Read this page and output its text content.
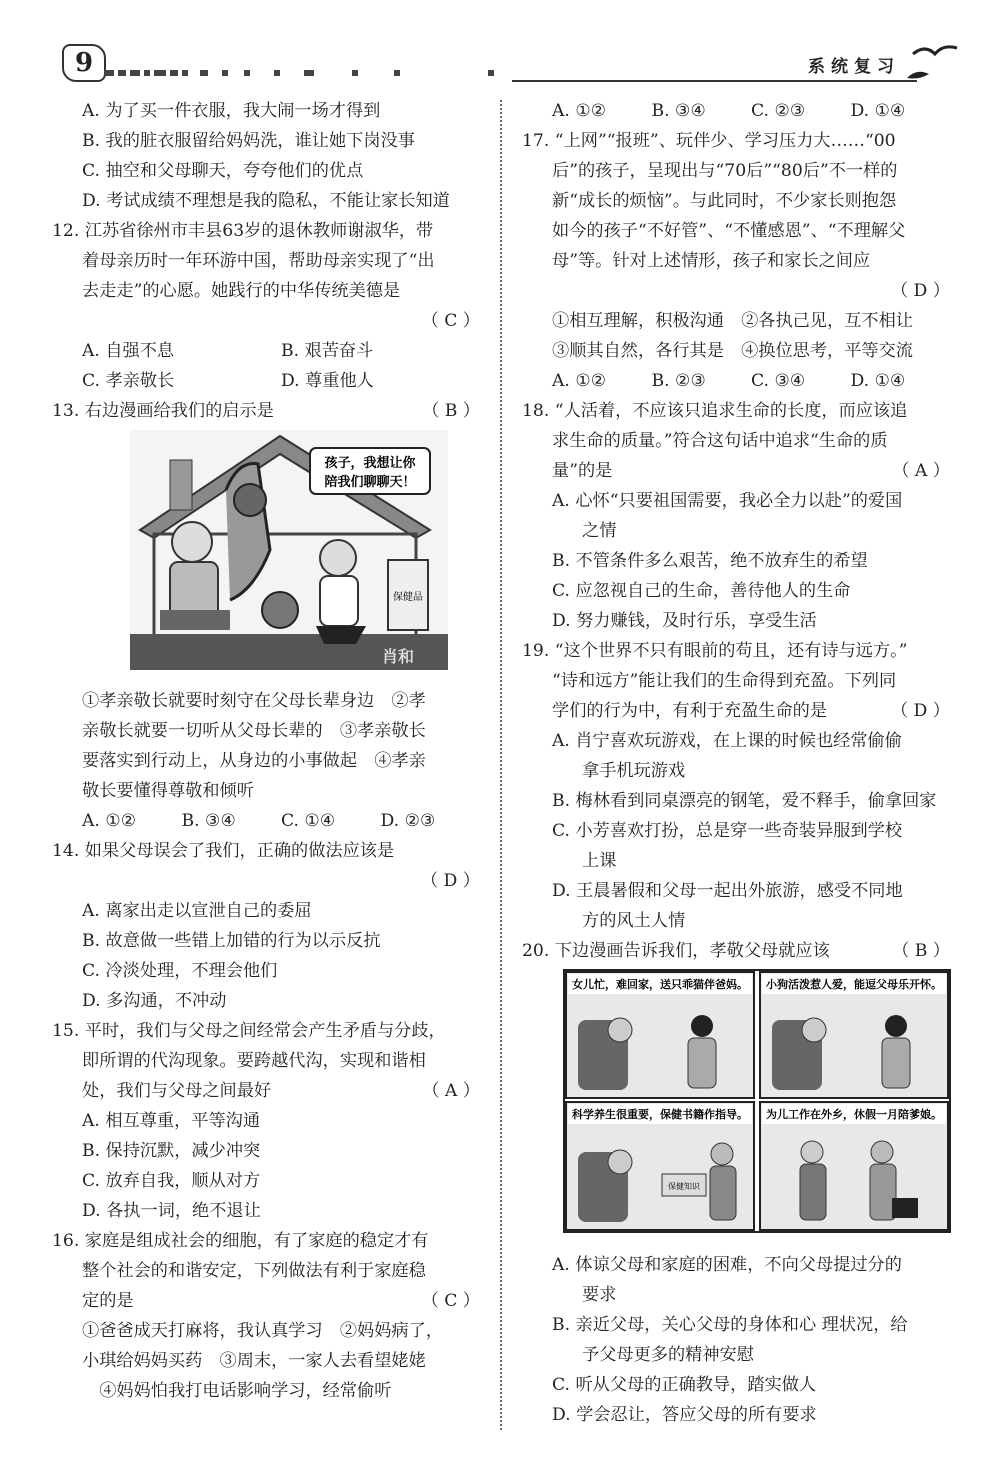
9	系统复习
A. 为了买一件衣服，我大闹一场才得到
B. 我的脏衣服留给妈妈洗，谁让她下岗没事
C. 抽空和父母聊天，夸夸他们的优点
D. 考试成绩不理想是我的隐私，不能让家长知道
12. 江苏省徐州市丰县63岁的退休教师谢淑华，带
着母亲历时一年环游中国，帮助母亲实现了“出
去走走”的心愿。她践行的中华传统美德是
（ C ）
A. 自强不息	B. 艰苦奋斗
C. 孝亲敬长	D. 尊重他人
13. 右边漫画给我们的启示是	（ B ）
孩子，我想让你
陪我们聊聊天！
保健品
肖和
①孝亲敬长就要时刻守在父母长辈身边　②孝
亲敬长就要一切听从父母长辈的　③孝亲敬长
要落实到行动上，从身边的小事做起　④孝亲
敬长要懂得尊敬和倾听
A. ①②	B. ③④	C. ①④	D. ②③
14. 如果父母误会了我们，正确的做法应该是
（ D ）
A. 离家出走以宣泄自己的委屈
B. 故意做一些错上加错的行为以示反抗
C. 冷淡处理，不理会他们
D. 多沟通，不冲动
15. 平时，我们与父母之间经常会产生矛盾与分歧，
即所谓的代沟现象。要跨越代沟，实现和谐相
处，我们与父母之间最好	（ A ）
A. 相互尊重，平等沟通
B. 保持沉默，减少冲突
C. 放弃自我，顺从对方
D. 各执一词，绝不退让
16. 家庭是组成社会的细胞，有了家庭的稳定才有
整个社会的和谐安定，下列做法有利于家庭稳
定的是	（ C ）
①爸爸成天打麻将，我认真学习　②妈妈病了，
小琪给妈妈买药　③周末，一家人去看望姥姥
　④妈妈怕我打电话影响学习，经常偷听
A. ①②	B. ③④	C. ②③	D. ①④
17. “上网”“报班”、玩伴少、学习压力大……“00
后”的孩子，呈现出与“70后”“80后”不一样的
新“成长的烦恼”。与此同时，不少家长则抱怨
如今的孩子“不好管”、“不懂感恩”、“不理解父
母”等。针对上述情形，孩子和家长之间应
（ D ）
①相互理解，积极沟通　②各执己见，互不相让
③顺其自然，各行其是　④换位思考，平等交流
A. ①②	B. ②③	C. ③④	D. ①④
18. “人活着，不应该只追求生命的长度，而应该追
求生命的质量。”符合这句话中追求“生命的质
量”的是	（ A ）
A. 心怀“只要祖国需要，我必全力以赴”的爱国
之情
B. 不管条件多么艰苦，绝不放弃生的希望
C. 应忽视自己的生命，善待他人的生命
D. 努力赚钱，及时行乐，享受生活
19. “这个世界不只有眼前的苟且，还有诗与远方。”
“诗和远方”能让我们的生命得到充盈。下列同
学们的行为中，有利于充盈生命的是	（ D ）
A. 肖宁喜欢玩游戏，在上课的时候也经常偷偷
拿手机玩游戏
B. 梅林看到同桌漂亮的钢笔，爱不释手，偷拿回家
C. 小芳喜欢打扮，总是穿一些奇装异服到学校
上课
D. 王晨暑假和父母一起出外旅游，感受不同地
方的风土人情
20. 下边漫画告诉我们，孝敬父母就应该	（ B ）
女儿忙，难回家，送只乖猫伴爸妈。 小狗活泼惹人爱，能逗父母乐开怀。
科学养生很重要，保健书籍作指导。
保健知识
为儿工作在外乡，休假一月陪爹娘。
A. 体谅父母和家庭的困难，不向父母提过分的
要求
B. 亲近父母，关心父母的身体和心 理状况，给
予父母更多的精神安慰
C. 听从父母的正确教导，踏实做人
D. 学会忍让，答应父母的所有要求
